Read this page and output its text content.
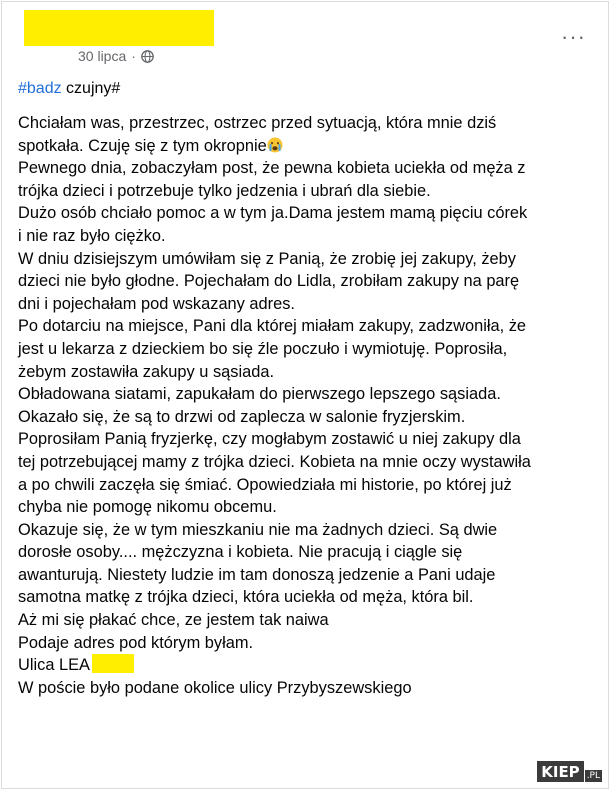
30 lipca ·
···
#badz czujny#
Chciałam was, przestrzec, ostrzec przed sytuacją, która mnie dziś
spotkała. Czuję się z tym okropnie
Pewnego dnia, zobaczyłam post, że pewna kobieta uciekła od męża z
trójka dzieci i potrzebuje tylko jedzenia i ubrań dla siebie.
Dużo osób chciało pomoc a w tym ja.Dama jestem mamą pięciu córek
i nie raz było ciężko.
W dniu dzisiejszym umówiłam się z Panią, że zrobię jej zakupy, żeby
dzieci nie było głodne. Pojechałam do Lidla, zrobiłam zakupy na parę
dni i pojechałam pod wskazany adres.
Po dotarciu na miejsce, Pani dla której miałam zakupy, zadzwoniła, że
jest u lekarza z dzieckiem bo się źle poczuło i wymiotuję. Poprosiła,
żebym zostawiła zakupy u sąsiada.
Obładowana siatami, zapukałam do pierwszego lepszego sąsiada.
Okazało się, że są to drzwi od zaplecza w salonie fryzjerskim.
Poprosiłam Panią fryzjerkę, czy mogłabym zostawić u niej zakupy dla
tej potrzebującej mamy z trójka dzieci. Kobieta na mnie oczy wystawiła
a po chwili zaczęła się śmiać. Opowiedziała mi historie, po której już
chyba nie pomogę nikomu obcemu.
Okazuje się, że w tym mieszkaniu nie ma żadnych dzieci. Są dwie
dorosłe osoby.... mężczyzna i kobieta. Nie pracują i ciągle się
awanturują. Niestety ludzie im tam donoszą jedzenie a Pani udaje
samotna matkę z trójka dzieci, która uciekła od męża, która bil.
Aż mi się płakać chce, ze jestem tak naiwa
Podaje adres pod którym byłam.
Ulica LEA
W poście było podane okolice ulicy Przybyszewskiego
KIEP .PL
